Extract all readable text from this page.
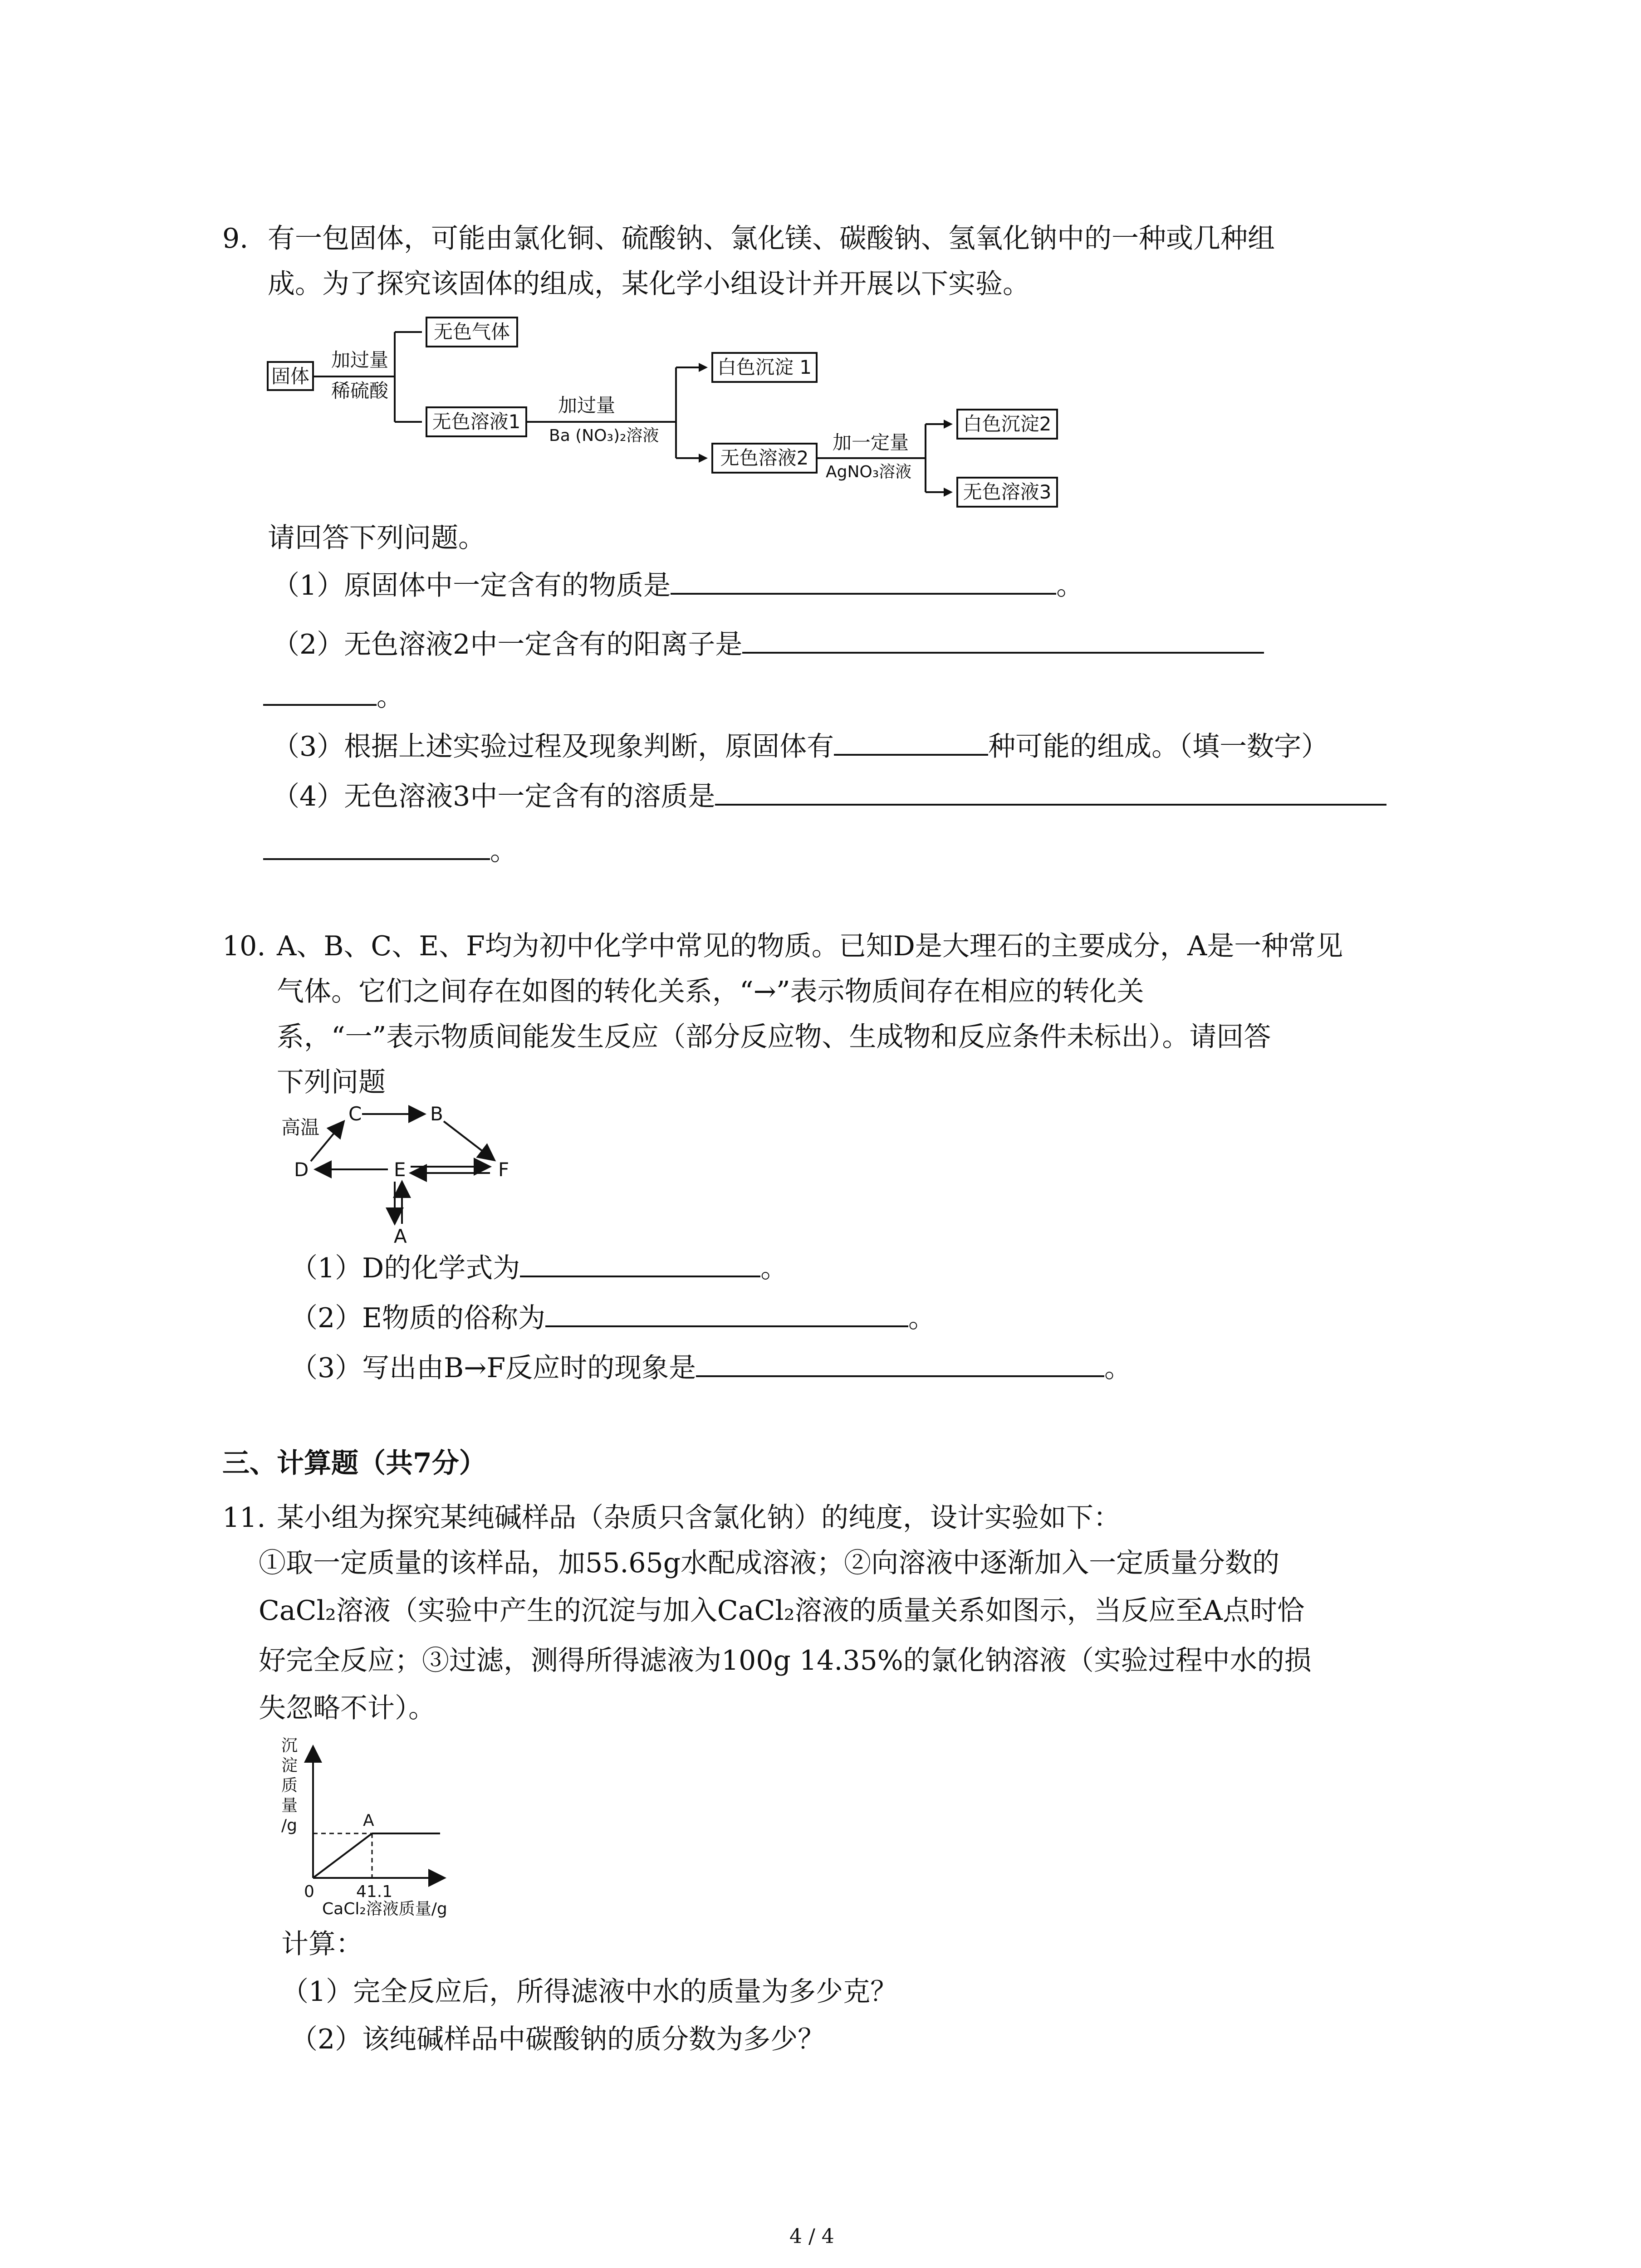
9. 有一包固体，可能由氯化铜、硫酸钠、氯化镁、碳酸钠、氢氧化钠中的一种或几种组
成。为了探究该固体的组成，某化学小组设计并开展以下实验。
固体
加过量
稀硫酸
无色气体
无色溶液1
加过量
Ba (NO₃)₂溶液
白色沉淀 1
无色溶液2
加一定量
AgNO₃溶液
白色沉淀2
无色溶液3
请回答下列问题。
（1）原固体中一定含有的物质是	。
（2）无色溶液2中一定含有的阳离子是
。
（3）根据上述实验过程及现象判断，原固体有	种可能的组成。（填一数字）
（4）无色溶液3中一定含有的溶质是
。
10. A、B、C、E、F均为初中化学中常见的物质。已知D是大理石的主要成分，A是一种常见
气体。它们之间存在如图的转化关系，“→”表示物质间存在相应的转化关
系，“一”表示物质间能发生反应（部分反应物、生成物和反应条件未标出）。请回答
下列问题
高温
C	B
D	E	F
A
（1）D的化学式为	。
（2）E物质的俗称为	。
（3）写出由B→F反应时的现象是	。
三、计算题（共7分）
11. 某小组为探究某纯碱样品（杂质只含氯化钠）的纯度，设计实验如下：
①取一定质量的该样品，加55.65g水配成溶液；②向溶液中逐渐加入一定质量分数的
CaCl₂溶液（实验中产生的沉淀与加入CaCl₂溶液的质量关系如图示，当反应至A点时恰
好完全反应；③过滤，测得所得滤液为100g 14.35%的氯化钠溶液（实验过程中水的损
失忽略不计）。
沉
淀
质
量
/g	A
0	41.1
CaCl₂溶液质量/g
计算：
（1）完全反应后，所得滤液中水的质量为多少克？
（2）该纯碱样品中碳酸钠的质分数为多少？
4 / 4
